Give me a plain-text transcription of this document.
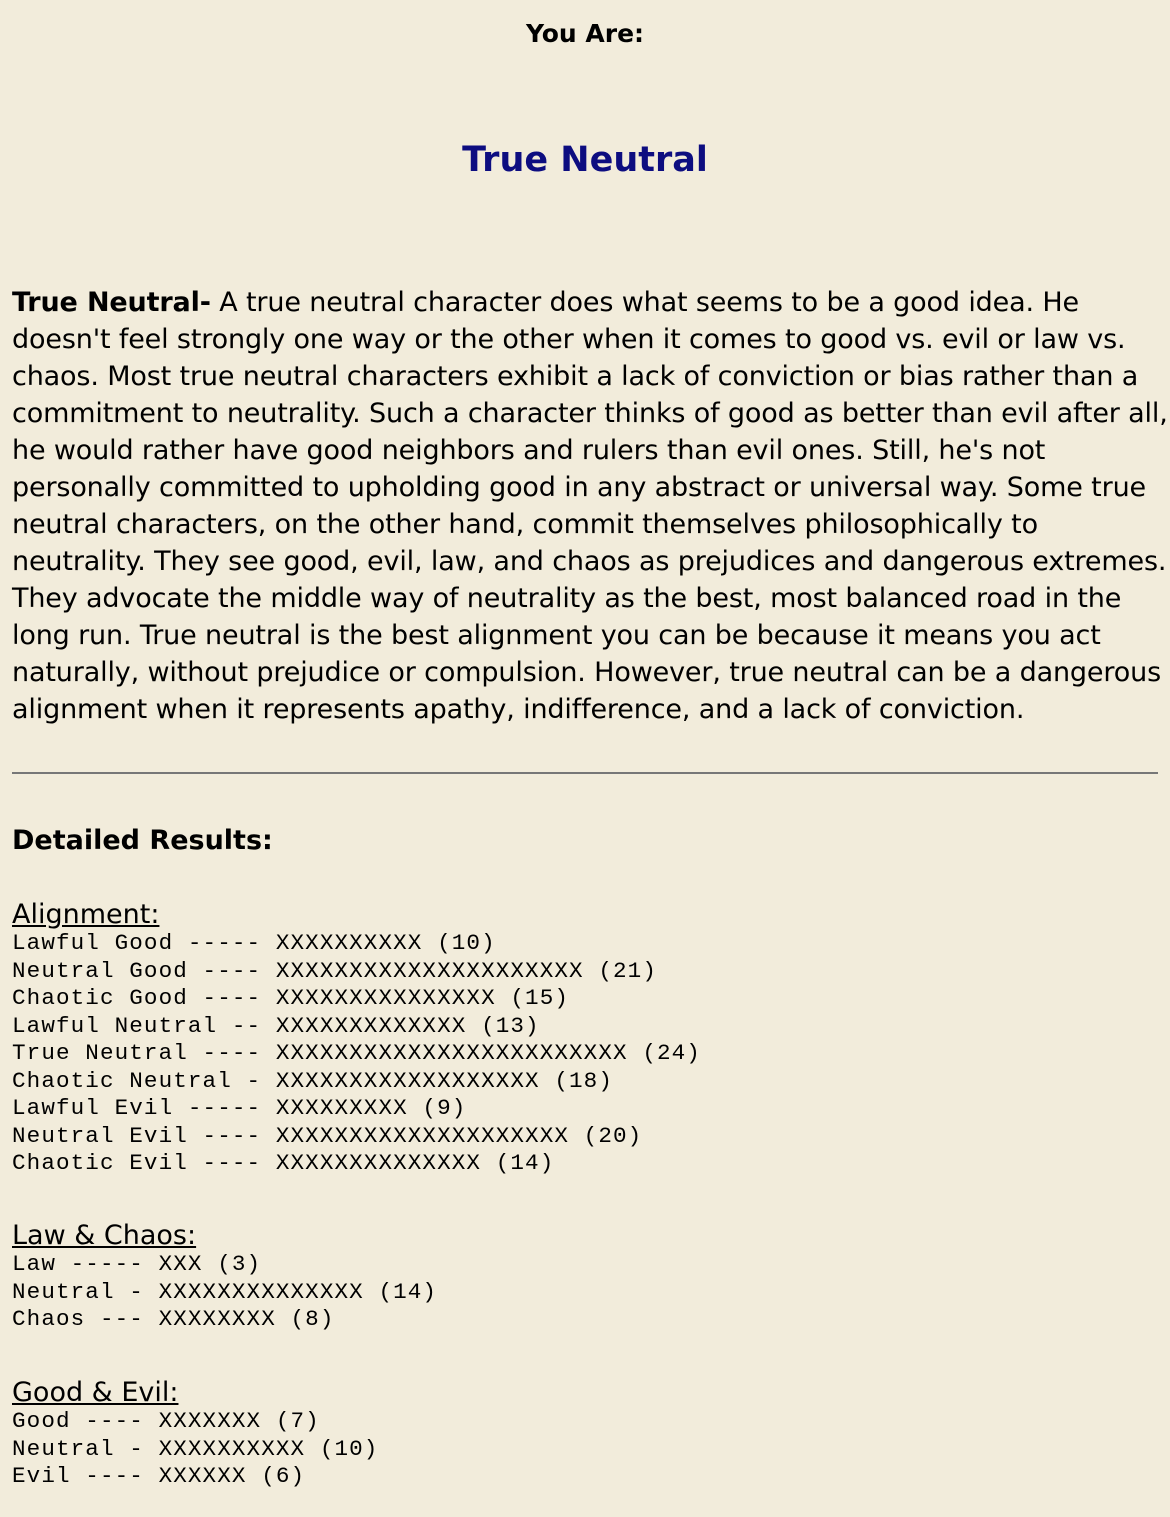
You Are:
True Neutral

True Neutral- A true neutral character does what seems to be a good idea. He doesn't feel strongly one way or the other when it comes to good vs. evil or law vs. chaos. Most true neutral characters exhibit a lack of conviction or bias rather than a commitment to neutrality. Such a character thinks of good as better than evil after all, he would rather have good neighbors and rulers than evil ones. Still, he's not personally committed to upholding good in any abstract or universal way. Some true neutral characters, on the other hand, commit themselves philosophically to neutrality. They see good, evil, law, and chaos as prejudices and dangerous extremes. They advocate the middle way of neutrality as the best, most balanced road in the long run. True neutral is the best alignment you can be because it means you act naturally, without prejudice or compulsion. However, true neutral can be a dangerous alignment when it represents apathy, indifference, and a lack of conviction.

Detailed Results:
Alignment:
Lawful Good ----- XXXXXXXXXX (10)
Neutral Good ---- XXXXXXXXXXXXXXXXXXXXX (21)
Chaotic Good ---- XXXXXXXXXXXXXXX (15)
Lawful Neutral -- XXXXXXXXXXXXX (13)
True Neutral ---- XXXXXXXXXXXXXXXXXXXXXXXX (24)
Chaotic Neutral - XXXXXXXXXXXXXXXXXX (18)
Lawful Evil ----- XXXXXXXXX (9)
Neutral Evil ---- XXXXXXXXXXXXXXXXXXXX (20)
Chaotic Evil ---- XXXXXXXXXXXXXX (14)
Law & Chaos:
Law ----- XXX (3)
Neutral - XXXXXXXXXXXXXX (14)
Chaos --- XXXXXXXX (8)
Good & Evil:
Good ---- XXXXXXX (7)
Neutral - XXXXXXXXXX (10)
Evil ---- XXXXXX (6)
